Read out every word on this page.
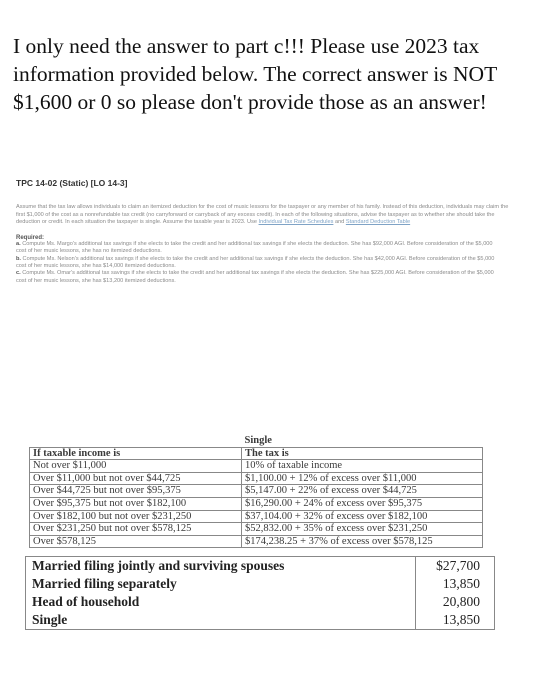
I only need the answer to part c!!! Please use 2023 tax information provided below. The correct answer is NOT $1,600 or 0 so please don't provide those as an answer!
TPC 14-02 (Static) [LO 14-3]
Assume that the tax law allows individuals to claim an itemized deduction for the cost of music lessons for the taxpayer or any member of his family. Instead of this deduction, individuals may claim the first $1,000 of the cost as a nonrefundable tax credit (no carryforward or carryback of any excess credit). In each of the following situations, advise the taxpayer as to whether she should take the deduction or credit. In each situation the taxpayer is single. Assume the taxable year is 2023. Use Individual Tax Rate Schedules and Standard Deduction Table
Required:
a. Compute Ms. Margo's additional tax savings if she elects to take the credit and her additional tax savings if she elects the deduction. She has $92,000 AGI. Before consideration of the $5,000 cost of her music lessons, she has no itemized deductions.
b. Compute Ms. Nelson's additional tax savings if she elects to take the credit and her additional tax savings if she elects the deduction. She has $42,000 AGI. Before consideration of the $5,000 cost of her music lessons, she has $14,000 itemized deductions.
c. Compute Ms. Omar's additional tax savings if she elects to take the credit and her additional tax savings if she elects the deduction. She has $225,000 AGI. Before consideration of the $5,000 cost of her music lessons, she has $13,200 itemized deductions.
	Single
If taxable income is	The tax is
Not over $11,000	10% of taxable income
Over $11,000 but not over $44,725	$1,100.00 + 12% of excess over $11,000
Over $44,725 but not over $95,375	$5,147.00 + 22% of excess over $44,725
Over $95,375 but not over $182,100	$16,290.00 + 24% of excess over $95,375
Over $182,100 but not over $231,250	$37,104.00 + 32% of excess over $182,100
Over $231,250 but not over $578,125	$52,832.00 + 35% of excess over $231,250
Over $578,125	$174,238.25 + 37% of excess over $578,125
Married filing jointly and surviving spouses	$27,700
Married filing separately	13,850
Head of household	20,800
Single	13,850
